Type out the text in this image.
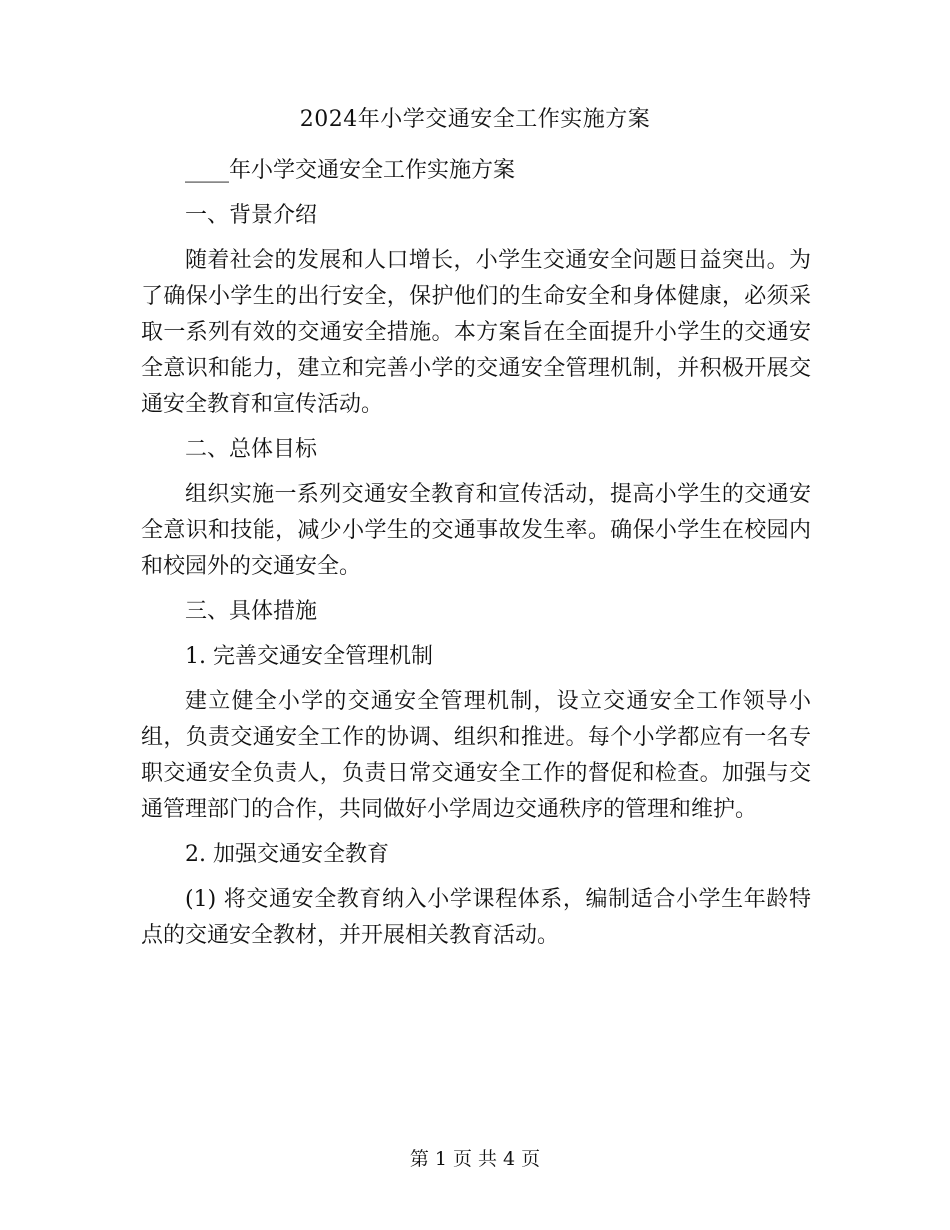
2024年小学交通安全工作实施方案

____年小学交通安全工作实施方案

一、背景介绍

随着社会的发展和人口增长，小学生交通安全问题日益突出。为了确保小学生的出行安全，保护他们的生命安全和身体健康，必须采取一系列有效的交通安全措施。本方案旨在全面提升小学生的交通安全意识和能力，建立和完善小学的交通安全管理机制，并积极开展交通安全教育和宣传活动。

二、总体目标

组织实施一系列交通安全教育和宣传活动，提高小学生的交通安全意识和技能，减少小学生的交通事故发生率。确保小学生在校园内和校园外的交通安全。

三、具体措施

1. 完善交通安全管理机制

建立健全小学的交通安全管理机制，设立交通安全工作领导小组，负责交通安全工作的协调、组织和推进。每个小学都应有一名专职交通安全负责人，负责日常交通安全工作的督促和检查。加强与交通管理部门的合作，共同做好小学周边交通秩序的管理和维护。

2. 加强交通安全教育

(1) 将交通安全教育纳入小学课程体系，编制适合小学生年龄特点的交通安全教材，并开展相关教育活动。

第 1 页 共 4 页
